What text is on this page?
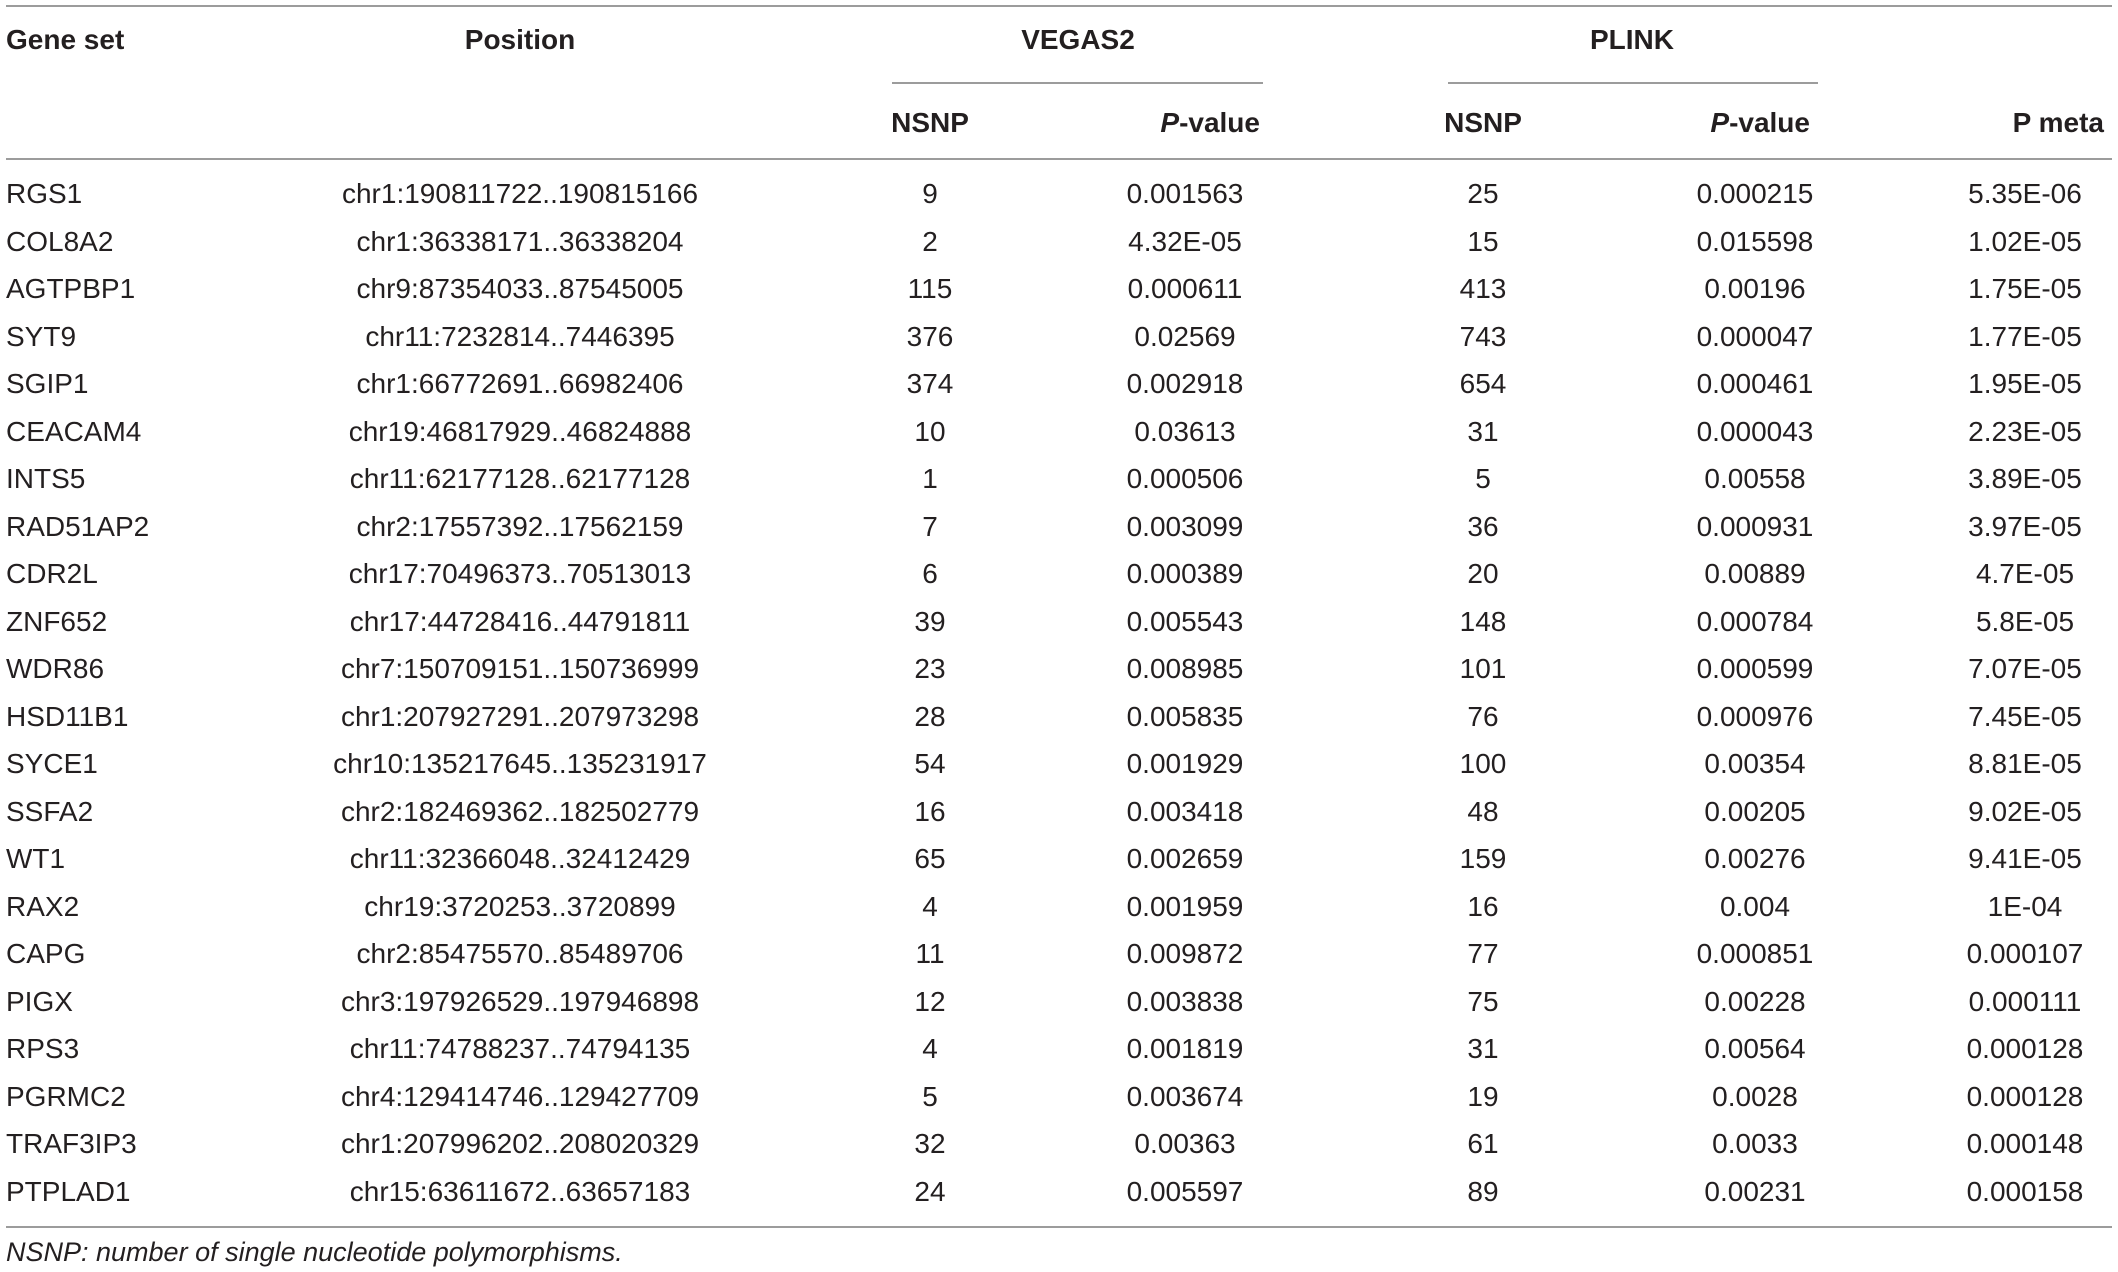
Gene set	Position	VEGAS2	PLINK
NSNP	P-value	NSNP	P-value	P meta
RGS1	chr1:190811722..190815166	9	0.001563	25	0.000215	5.35E-06
COL8A2	chr1:36338171..36338204	2	4.32E-05	15	0.015598	1.02E-05
AGTPBP1	chr9:87354033..87545005	115	0.000611	413	0.00196	1.75E-05
SYT9	chr11:7232814..7446395	376	0.02569	743	0.000047	1.77E-05
SGIP1	chr1:66772691..66982406	374	0.002918	654	0.000461	1.95E-05
CEACAM4	chr19:46817929..46824888	10	0.03613	31	0.000043	2.23E-05
INTS5	chr11:62177128..62177128	1	0.000506	5	0.00558	3.89E-05
RAD51AP2	chr2:17557392..17562159	7	0.003099	36	0.000931	3.97E-05
CDR2L	chr17:70496373..70513013	6	0.000389	20	0.00889	4.7E-05
ZNF652	chr17:44728416..44791811	39	0.005543	148	0.000784	5.8E-05
WDR86	chr7:150709151..150736999	23	0.008985	101	0.000599	7.07E-05
HSD11B1	chr1:207927291..207973298	28	0.005835	76	0.000976	7.45E-05
SYCE1	chr10:135217645..135231917	54	0.001929	100	0.00354	8.81E-05
SSFA2	chr2:182469362..182502779	16	0.003418	48	0.00205	9.02E-05
WT1	chr11:32366048..32412429	65	0.002659	159	0.00276	9.41E-05
RAX2	chr19:3720253..3720899	4	0.001959	16	0.004	1E-04
CAPG	chr2:85475570..85489706	11	0.009872	77	0.000851	0.000107
PIGX	chr3:197926529..197946898	12	0.003838	75	0.00228	0.000111
RPS3	chr11:74788237..74794135	4	0.001819	31	0.00564	0.000128
PGRMC2	chr4:129414746..129427709	5	0.003674	19	0.0028	0.000128
TRAF3IP3	chr1:207996202..208020329	32	0.00363	61	0.0033	0.000148
PTPLAD1	chr15:63611672..63657183	24	0.005597	89	0.00231	0.000158
NSNP: number of single nucleotide polymorphisms.
